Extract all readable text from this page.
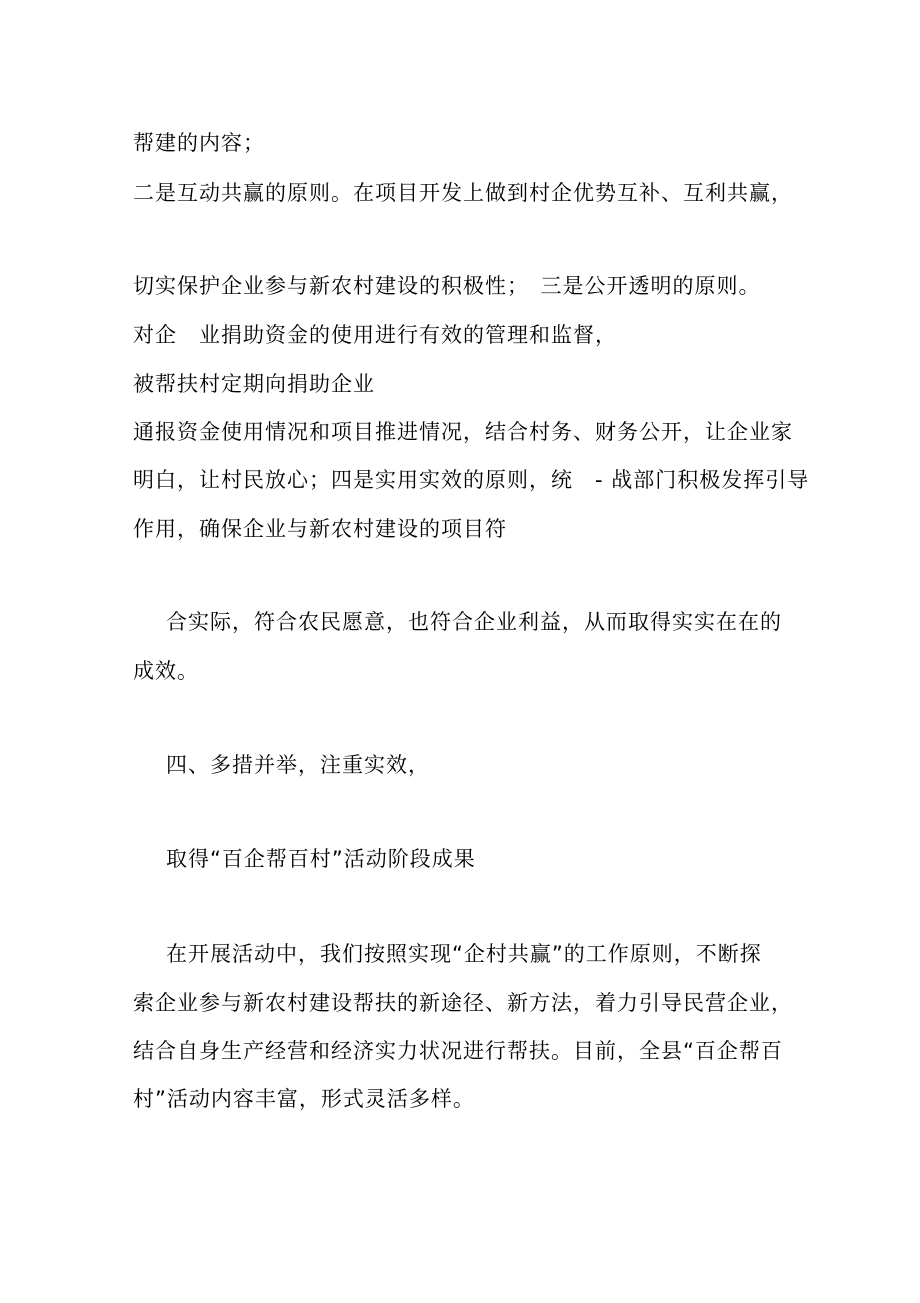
帮建的内容；
二是互动共赢的原则。在项目开发上做到村企优势互补、互利共赢，
切实保护企业参与新农村建设的积极性；　三是公开透明的原则。
对企　业捐助资金的使用进行有效的管理和监督，
被帮扶村定期向捐助企业
通报资金使用情况和项目推进情况，结合村务、财务公开，让企业家
明白，让村民放心；四是实用实效的原则，统　- 战部门积极发挥引导
作用，确保企业与新农村建设的项目符
合实际，符合农民愿意，也符合企业利益，从而取得实实在在的
成效。
四、多措并举，注重实效，
取得“百企帮百村”活动阶段成果
在开展活动中，我们按照实现“企村共赢”的工作原则，不断探
索企业参与新农村建设帮扶的新途径、新方法，着力引导民营企业，
结合自身生产经营和经济实力状况进行帮扶。目前，全县“百企帮百
村”活动内容丰富，形式灵活多样。
